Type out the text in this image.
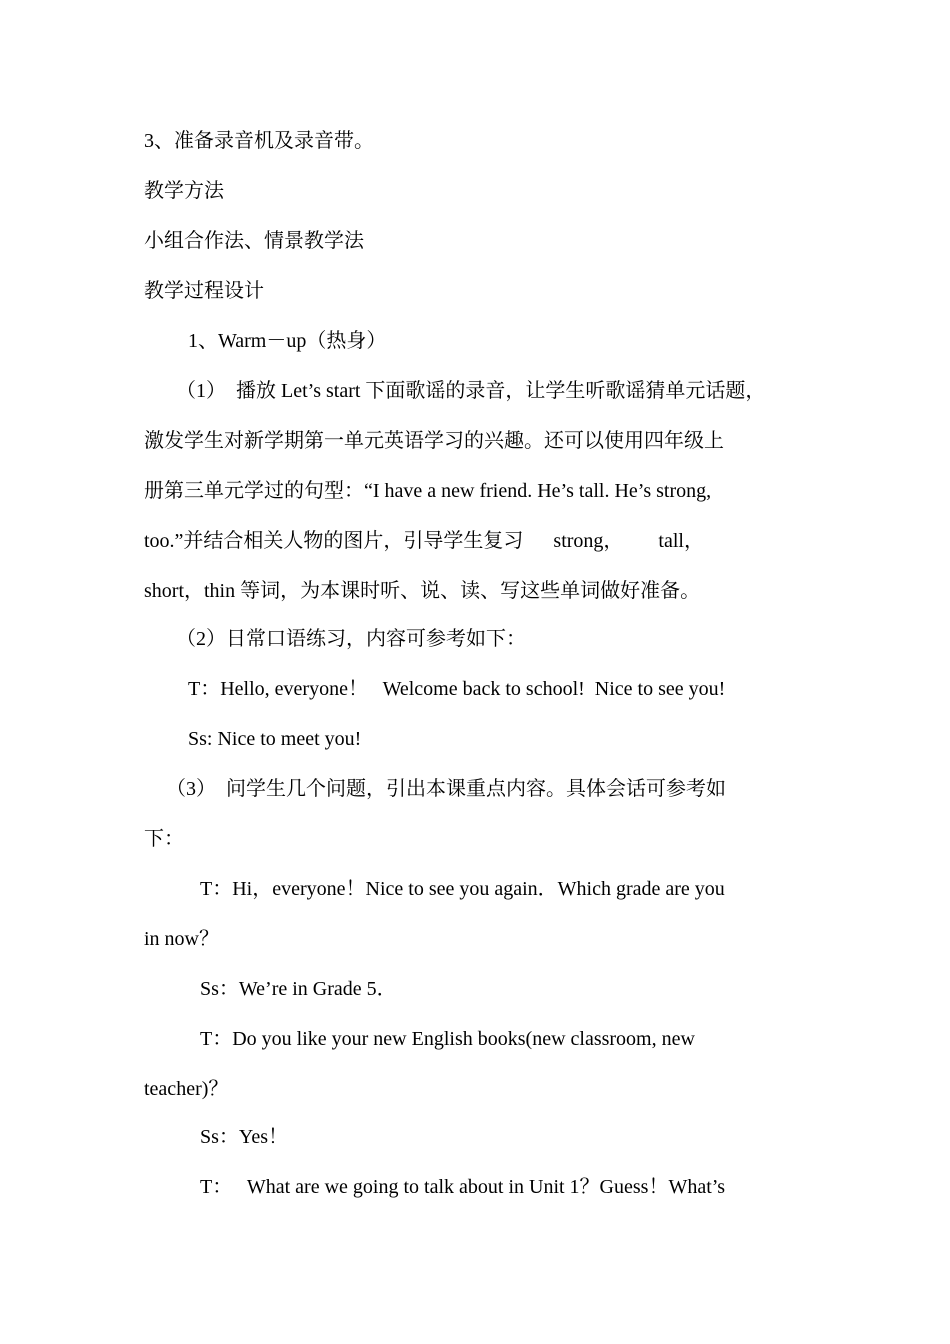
3、准备录音机及录音带。
教学方法
小组合作法、情景教学法
教学过程设计
1、Warm－up（热身）
（1）  播放 Let’s start 下面歌谣的录音，让学生听歌谣猜单元话题，
激发学生对新学期第一单元英语学习的兴趣。还可以使用四年级上
册第三单元学过的句型：“I have a new friend. He’s tall. He’s strong,
too.”并结合相关人物的图片，引导学生复习      strong，       tall，
short，thin 等词，为本课时听、说、读、写这些单词做好准备。
（2）日常口语练习，内容可参考如下：
T：Hello, everyone！   Welcome back to school!  Nice to see you!
Ss: Nice to meet you!
（3）  问学生几个问题，引出本课重点内容。具体会话可参考如
下：
T：Hi，everyone！Nice to see you again．Which grade are you
in now？
Ss：We’re in Grade 5．
T：Do you like your new English books(new classroom, new
teacher)？
Ss：Yes！
T：   What are we going to talk about in Unit 1？Guess！What’s
